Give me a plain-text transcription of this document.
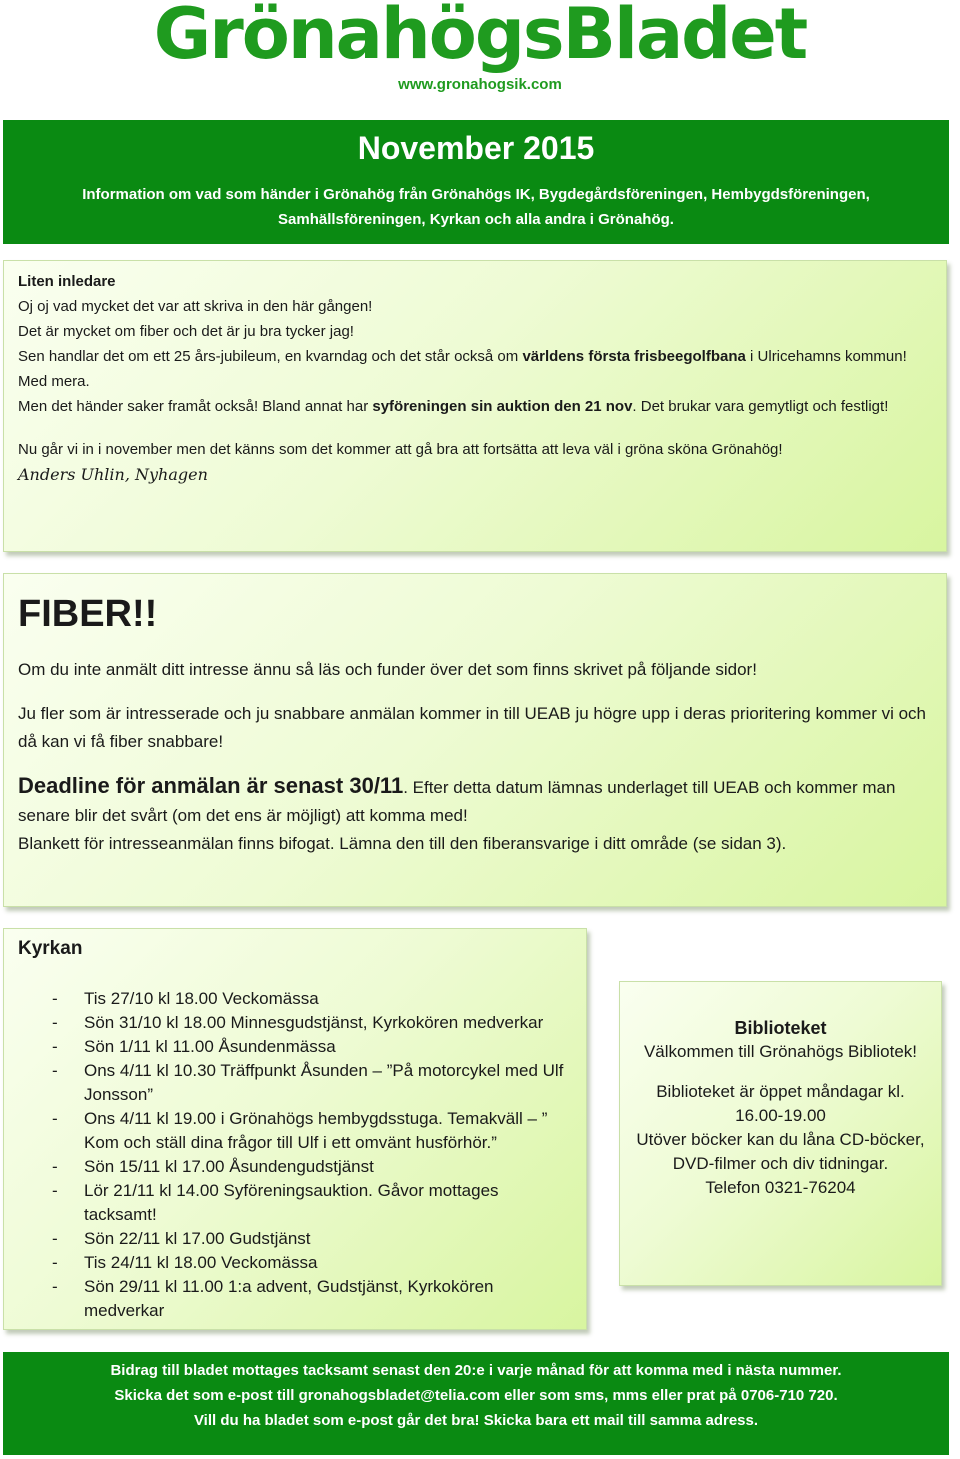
GrönahögsBladet
www.gronahogsik.com
November 2015
Information om vad som händer i Grönahög från Grönahögs IK, Bygdegårdsföreningen, Hembygdsföreningen, Samhällsföreningen, Kyrkan och alla andra i Grönahög.

Liten inledare

Oj oj vad mycket det var att skriva in den här gången!

Det är mycket om fiber och det är ju bra tycker jag!

Sen handlar det om ett 25 års-jubileum, en kvarndag och det står också om världens första frisbeegolfbana i Ulricehamns kommun! Med mera.

Men det händer saker framåt också! Bland annat har syföreningen sin auktion den 21 nov. Det brukar vara gemytligt och festligt!

Nu går vi in i november men det känns som det kommer att gå bra att fortsätta att leva väl i gröna sköna Grönahög!

Anders Uhlin, Nyhagen

FIBER!!

Om du inte anmält ditt intresse ännu så läs och funder över det som finns skrivet på följande sidor!

Ju fler som är intresserade och ju snabbare anmälan kommer in till UEAB ju högre upp i deras prioritering kommer vi och då kan vi få fiber snabbare!

Deadline för anmälan är senast 30/11. Efter detta datum lämnas underlaget till UEAB och kommer man senare blir det svårt (om det ens är möjligt) att komma med!

Blankett för intresseanmälan finns bifogat. Lämna den till den fiberansvarige i ditt område (se sidan 3).

Kyrkan
- Tis 27/10 kl 18.00 Veckomässa
- Sön 31/10 kl 18.00 Minnesgudstjänst, Kyrkokören medverkar
- Sön 1/11 kl 11.00 Åsundenmässa
- Ons 4/11 kl 10.30 Träffpunkt Åsunden – ”På motorcykel med Ulf Jonsson”
- Ons 4/11 kl 19.00 i Grönahögs hembygdsstuga. Temakväll – ” Kom och ställ dina frågor till Ulf i ett omvänt husförhör.”
- Sön 15/11 kl 17.00 Åsundengudstjänst
- Lör 21/11 kl 14.00 Syföreningsauktion. Gåvor mottages tacksamt!
- Sön 22/11 kl 17.00 Gudstjänst
- Tis 24/11 kl 18.00 Veckomässa
- Sön 29/11 kl 11.00 1:a advent, Gudstjänst, Kyrkokören medverkar
Biblioteket

Välkommen till Grönahögs Bibliotek!

Biblioteket är öppet måndagar kl. 16.00-19.00

Utöver böcker kan du låna CD-böcker, DVD-filmer och div tidningar.

Telefon 0321-76204

Bidrag till bladet mottages tacksamt senast den 20:e i varje månad för att komma med i nästa nummer.

Skicka det som e-post till gronahogsbladet@telia.com eller som sms, mms eller prat på 0706-710 720.

Vill du ha bladet som e-post går det bra! Skicka bara ett mail till samma adress.
